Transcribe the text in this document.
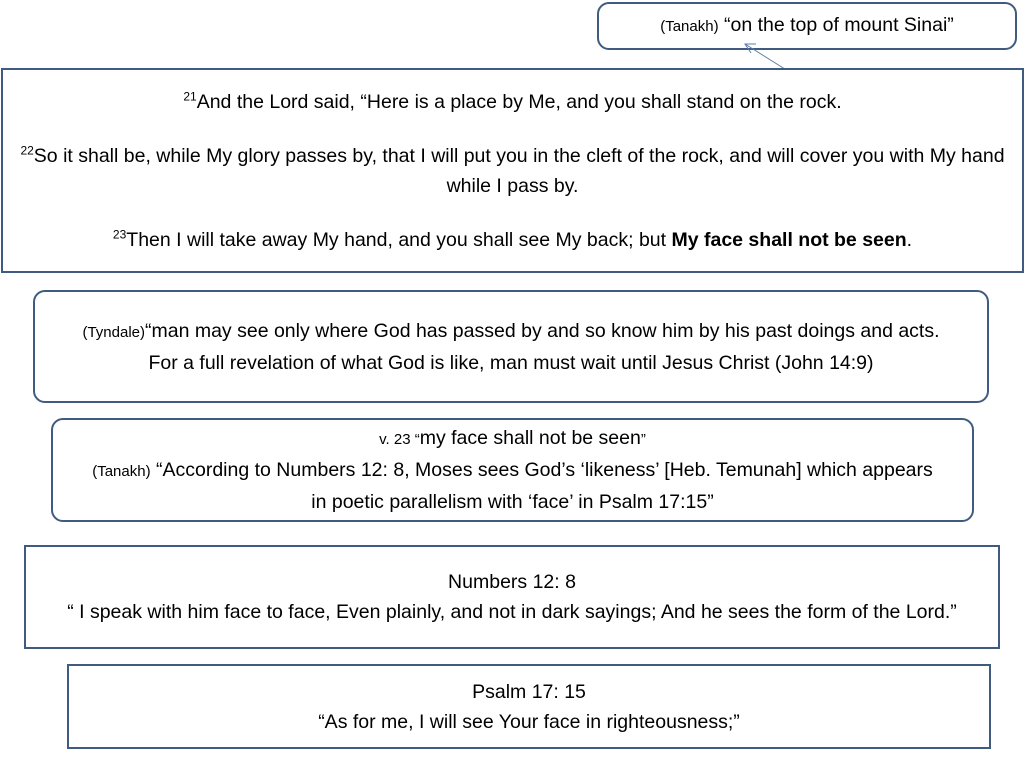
(Tanakh) “on the top of mount Sinai”
$^{21}$And the Lord said, “Here is a place by Me, and you shall stand on the rock.
$^{22}$So it shall be, while My glory passes by, that I will put you in the cleft of the rock, and will cover you with My hand while I pass by.
$^{23}$Then I will take away My hand, and you shall see My back; but My face shall not be seen.
(Tyndale)“man may see only where God has passed by and so know him by his past doings and acts.
For a full revelation of what God is like, man must wait until Jesus Christ (John 14:9)
v. 23 “my face shall not be seen”
(Tanakh) “According to Numbers 12: 8, Moses sees God’s ‘likeness’ [Heb. Temunah] which appears in poetic parallelism with ‘face’ in Psalm 17:15”
Numbers 12: 8
“ I speak with him face to face, Even plainly, and not in dark sayings; And he sees the form of the Lord.”
Psalm 17: 15
“As for me, I will see Your face in righteousness;”
